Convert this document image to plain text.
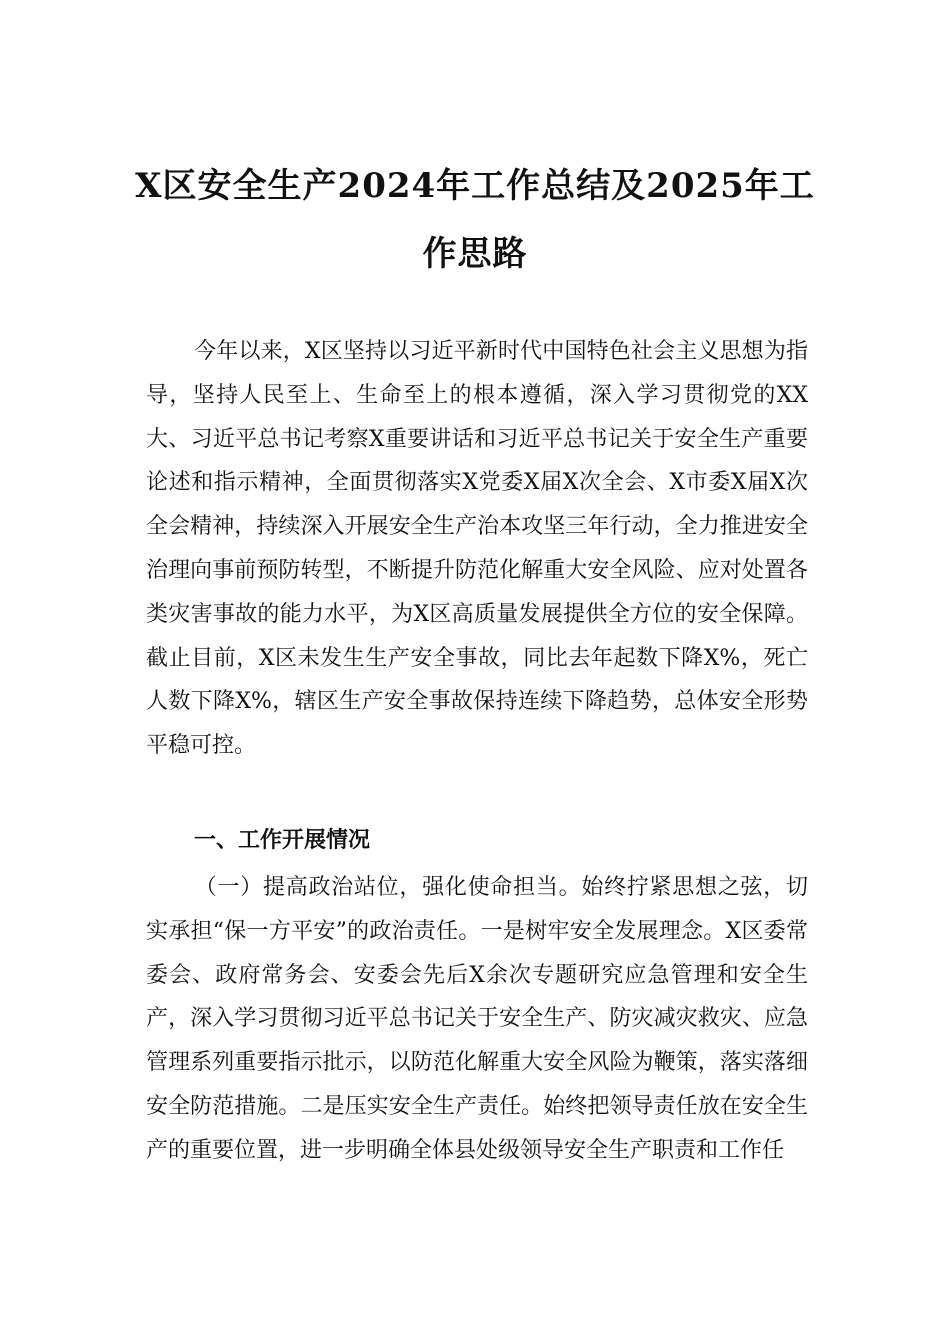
X区安全生产2024年工作总结及2025年工
作思路

今年以来，X区坚持以习近平新时代中国特色社会主义思想为指导，坚持人民至上、生命至上的根本遵循，深入学习贯彻党的XX大、习近平总书记考察X重要讲话和习近平总书记关于安全生产重要论述和指示精神，全面贯彻落实X党委X届X次全会、X市委X届X次全会精神，持续深入开展安全生产治本攻坚三年行动，全力推进安全治理向事前预防转型，不断提升防范化解重大安全风险、应对处置各类灾害事故的能力水平，为X区高质量发展提供全方位的安全保障。截止目前，X区未发生生产安全事故，同比去年起数下降X%，死亡人数下降X%，辖区生产安全事故保持连续下降趋势，总体安全形势平稳可控。

一、工作开展情况

（一）提高政治站位，强化使命担当。始终拧紧思想之弦，切实承担“保一方平安”的政治责任。一是树牢安全发展理念。X区委常委会、政府常务会、安委会先后X余次专题研究应急管理和安全生产，深入学习贯彻习近平总书记关于安全生产、防灾减灾救灾、应急管理系列重要指示批示，以防范化解重大安全风险为鞭策，落实落细安全防范措施。二是压实安全生产责任。始终把领导责任放在安全生产的重要位置，进一步明确全体县处级领导安全生产职责和工作任
